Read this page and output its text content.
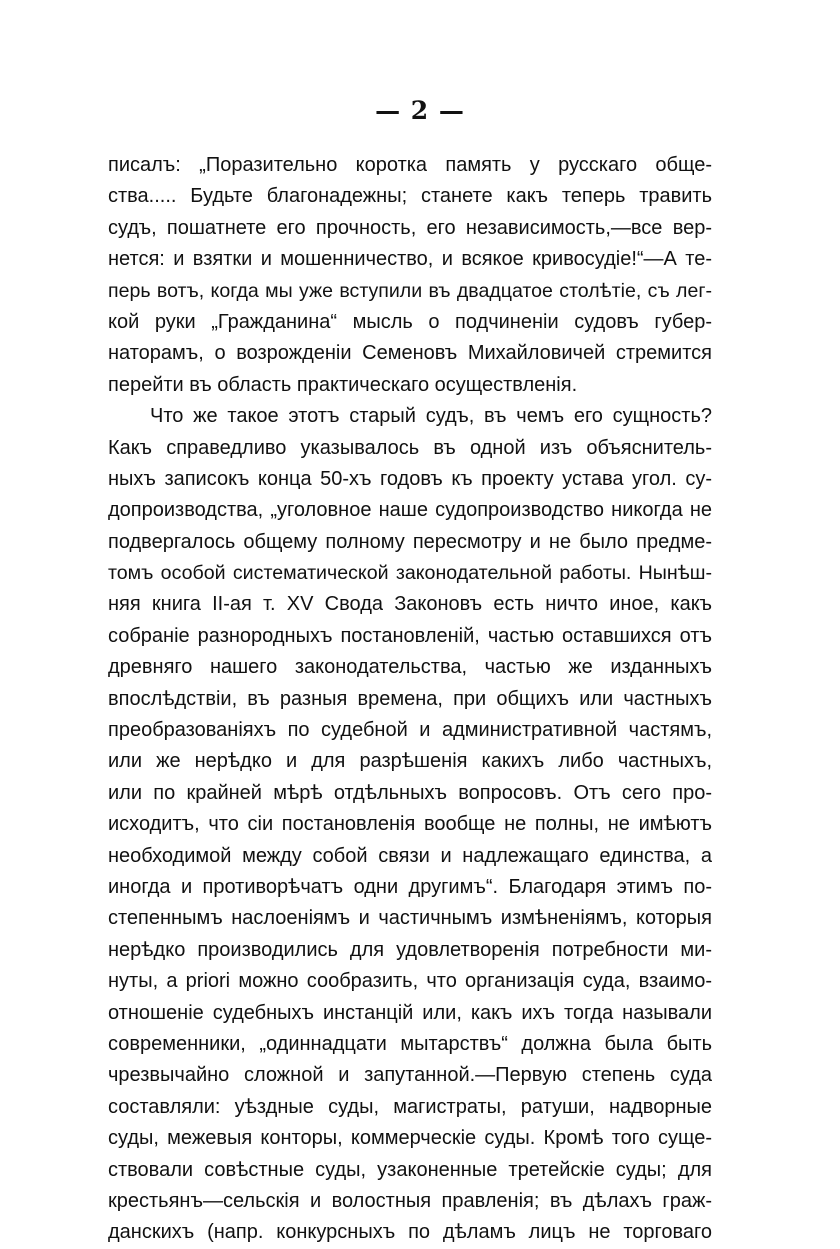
— 2 —
писалъ: „Поразительно коротка память у русскаго обще-
ства..... Будьте благонадежны; станете какъ теперь травить
судъ, пошатнете его прочность, его независимость,—все вер-
нется: и взятки и мошенничество, и всякое кривосудіе!“—А те-
перь вотъ, когда мы уже вступили въ двадцатое столѣтіе, съ лег-
кой руки „Гражданина“ мысль о подчиненіи судовъ губер-
наторамъ, о возрожденіи Семеновъ Михайловичей стремится
перейти въ область практическаго осуществленія.
Что же такое этотъ старый судъ, въ чемъ его сущность?
Какъ справедливо указывалось въ одной изъ объяснитель-
ныхъ записокъ конца 50-хъ годовъ къ проекту устава угол. су-
допроизводства, „уголовное наше судопроизводство никогда не
подвергалось общему полному пересмотру и не было предме-
томъ особой систематической законодательной работы. Нынѣш-
няя книга II-ая т. XV Свода Законовъ есть ничто иное, какъ
собраніе разнородныхъ постановленій, частью оставшихся отъ
древняго нашего законодательства, частью же изданныхъ
впослѣдствіи, въ разныя времена, при общихъ или частныхъ
преобразованіяхъ по судебной и административной частямъ,
или же нерѣдко и для разрѣшенія какихъ либо частныхъ,
или по крайней мѣрѣ отдѣльныхъ вопросовъ. Отъ сего про-
исходитъ, что сіи постановленія вообще не полны, не имѣютъ
необходимой между собой связи и надлежащаго единства, а
иногда и противорѣчатъ одни другимъ“. Благодаря этимъ по-
степеннымъ наслоеніямъ и частичнымъ измѣненіямъ, которыя
нерѣдко производились для удовлетворенія потребности ми-
нуты, а priori можно сообразить, что организація суда, взаимо-
отношеніе судебныхъ инстанцій или, какъ ихъ тогда называли
современники, „одиннадцати мытарствъ“ должна была быть
чрезвычайно сложной и запутанной.—Первую степень суда
составляли: уѣздные суды, магистраты, ратуши, надворные
суды, межевыя конторы, коммерческіе суды. Кромѣ того суще-
ствовали совѣстные суды, узаконенные третейскіе суды; для
крестьянъ—сельскія и волостныя правленія; въ дѣлахъ граж-
данскихъ (напр. конкурсныхъ по дѣламъ лицъ не торговаго
